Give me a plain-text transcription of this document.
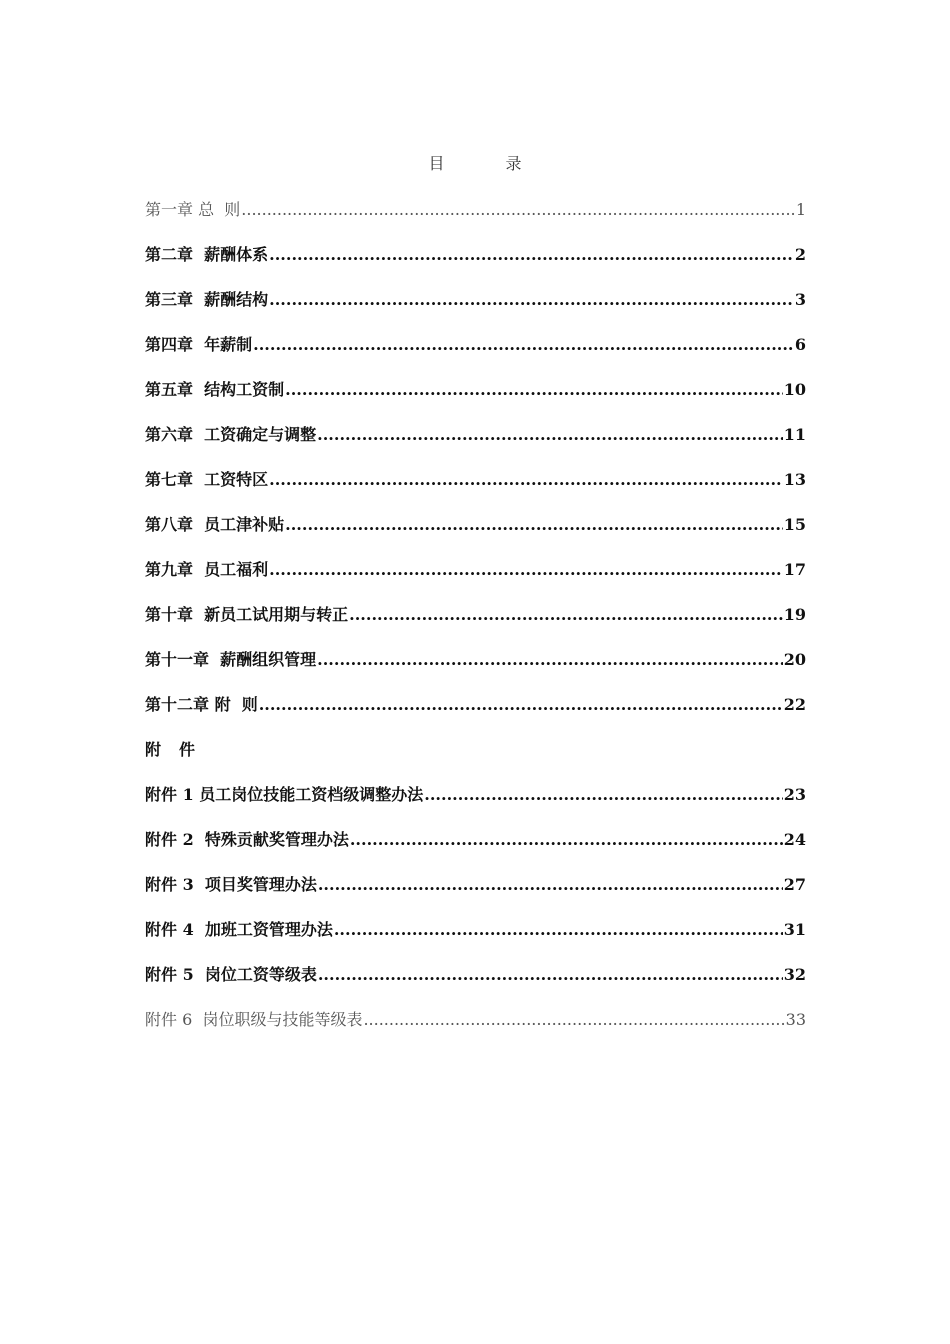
目 录
第一章 总  则 .....	1
第二章  薪酬体系 .....	2
第三章  薪酬结构 .....	3
第四章  年薪制 .....	6
第五章  结构工资制 .....	10
第六章  工资确定与调整 .....	11
第七章  工资特区 .....	13
第八章  员工津补贴 .....	15
第九章  员工福利 .....	17
第十章  新员工试用期与转正 .....	19
第十一章  薪酬组织管理 .....	20
第十二章 附  则 .....	22
附件
附件 1 员工岗位技能工资档级调整办法 .....	23
附件 2  特殊贡献奖管理办法 .....	24
附件 3  项目奖管理办法 .....	27
附件 4  加班工资管理办法 .....	31
附件 5  岗位工资等级表 .....	32
附件 6  岗位职级与技能等级表 .....	33
